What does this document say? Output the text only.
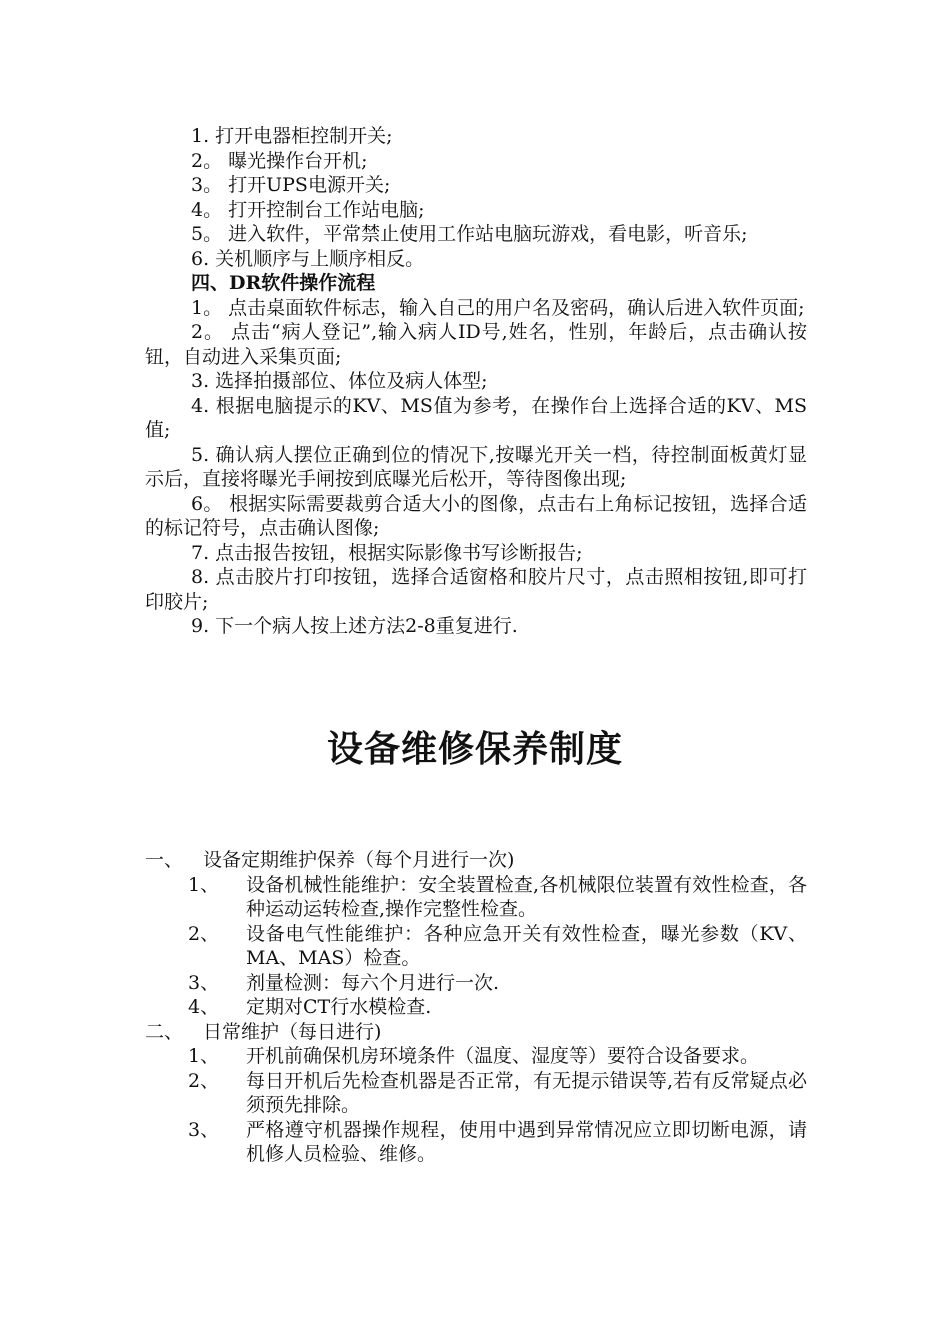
1. 打开电器柜控制开关;

2。 曝光操作台开机;

3。 打开UPS电源开关;

4。 打开控制台工作站电脑;

5。 进入软件，平常禁止使用工作站电脑玩游戏，看电影，听音乐;

6. 关机顺序与上顺序相反。

四、DR软件操作流程

1。 点击桌面软件标志，输入自己的用户名及密码，确认后进入软件页面;

2。 点击“病人登记”,输入病人ID号,姓名，性别，年龄后，点击确认按钮，自动进入采集页面;

3. 选择拍摄部位、体位及病人体型;

4. 根据电脑提示的KV、MS值为参考，在操作台上选择合适的KV、MS值;

5. 确认病人摆位正确到位的情况下,按曝光开关一档，待控制面板黄灯显示后，直接将曝光手闸按到底曝光后松开，等待图像出现;

6。 根据实际需要裁剪合适大小的图像，点击右上角标记按钮，选择合适的标记符号，点击确认图像;

7. 点击报告按钮，根据实际影像书写诊断报告;

8. 点击胶片打印按钮，选择合适窗格和胶片尺寸，点击照相按钮,即可打印胶片;

9. 下一个病人按上述方法2-8重复进行.

设备维修保养制度
一、 设备定期维护保养（每个月进行一次)
1、 设备机械性能维护：安全装置检查,各机械限位装置有效性检查，各种运动运转检查,操作完整性检查。
2、 设备电气性能维护：各种应急开关有效性检查，曝光参数（KV、MA、MAS）检查。
3、 剂量检测：每六个月进行一次.
4、 定期对CT行水模检查.
二、 日常维护（每日进行)
1、 开机前确保机房环境条件（温度、湿度等）要符合设备要求。
2、 每日开机后先检查机器是否正常，有无提示错误等,若有反常疑点必须预先排除。
3、 严格遵守机器操作规程，使用中遇到异常情况应立即切断电源，请机修人员检验、维修。
